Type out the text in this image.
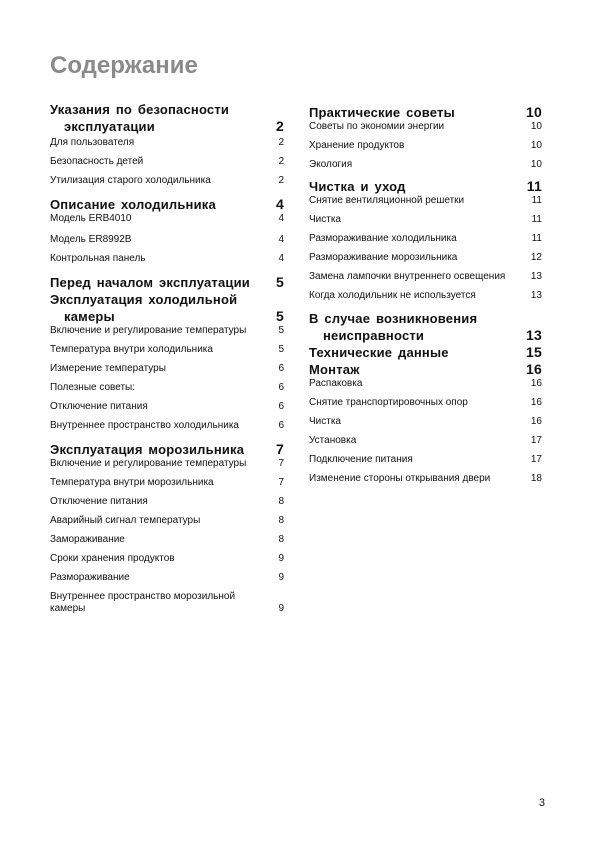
Содержание
Указания по безопасности
эксплуатации	2
Для пользователя	2
Безопасность детей	2
Утилизация старого холодильника	2
Описание холодильника	4
Модель ERB4010	4
Модель ER8992B	4
Контрольная панель	4
Перед началом эксплуатации 5
Эксплуатация холодильной
камеры	5
Включение и регулирование температуры	5
Температура внутри холодильника	5
Измерение температуры	6
Полезные советы:	6
Отключение питания	6
Внутреннее пространство холодильника	6
Эксплуатация морозильника 7
Включение и регулирование температуры	7
Температура внутри морозильника	7
Отключение питания	8
Аварийный сигнал температуры	8
Замораживание	8
Сроки хранения продуктов	9
Размораживание	9
Внутреннее пространство морозильной
камеры	9
Практические советы	10
Советы по экономии энергии	10
Хранение продуктов	10
Экология	10
Чистка и уход	11
Снятие вентиляционной решетки	11
Чистка	11
Размораживание холодильника	11
Размораживание морозильника	12
Замена лампочки внутреннего освещения	13
Когда холодильник не используется	13
В случае возникновения
неисправности	13
Технические данные	15
Монтаж	16
Распаковка	16
Снятие транспортировочных опор	16
Чистка	16
Установка	17
Подключение питания	17
Изменение стороны открывания двери	18
3
